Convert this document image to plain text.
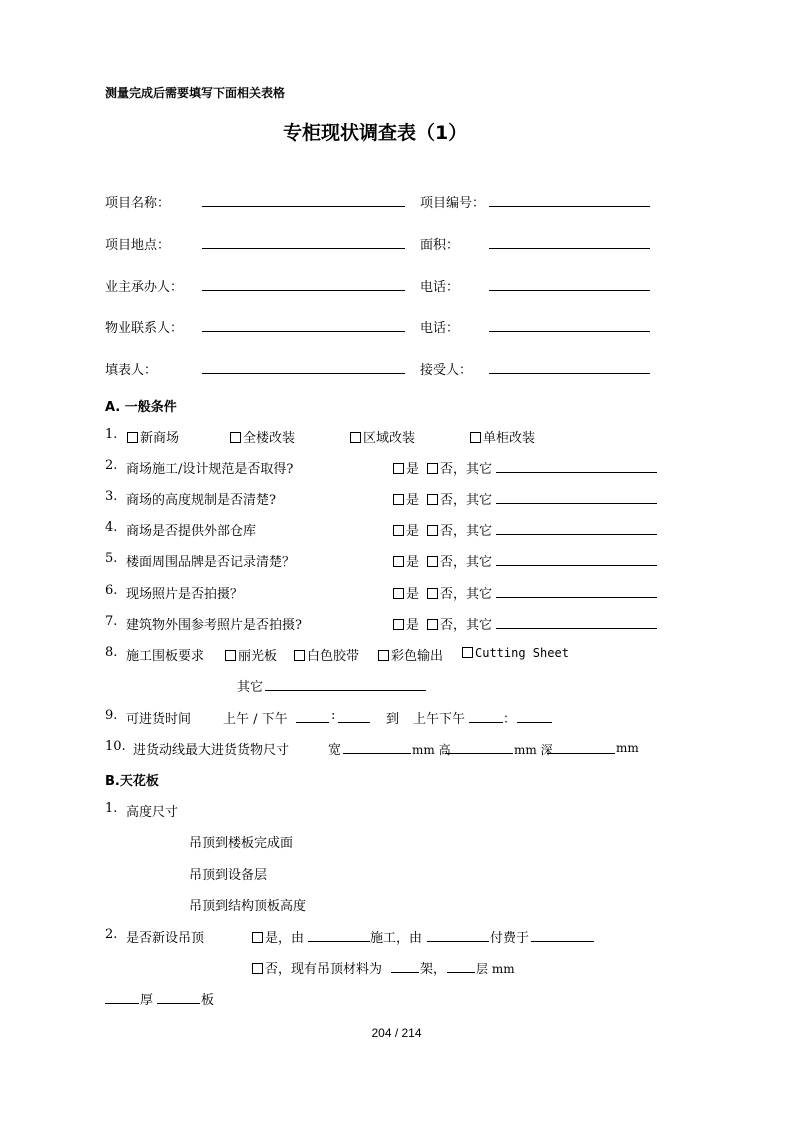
测量完成后需要填写下面相关表格
专柜现状调查表（1）
项目名称：	项目编号：
项目地点：	面积：
业主承办人：	电话：
物业联系人：	电话：
填表人：	接受人：
A. 一般条件
1.	新商场	全楼改装	区域改装	单柜改装
2. 商场施工/设计规范是否取得?	是	否，其它
3. 商场的高度规制是否清楚?	是	否，其它
4. 商场是否提供外部仓库	是	否，其它
5. 楼面周围品牌是否记录清楚？	是	否，其它
6. 现场照片是否拍摄？	是	否，其它
7. 建筑物外围参考照片是否拍摄?	是	否，其它
8. 施工围板要求	丽光板	白色胶带	彩色输出	Cutting Sheet
其它
9. 可进货时间 上午 / 下午	:	到 上午下午	：
10. 进货动线最大进货货物尺寸	宽	mm 高	mm 深	mm
B.天花板
1. 高度尺寸
吊顶到楼板完成面
吊顶到设备层
吊顶到结构顶板高度
2. 是否新设吊顶	是，由	施工，由	付费于
否，现有吊顶材料为	架， 层 mm
厚	板
204 / 214
